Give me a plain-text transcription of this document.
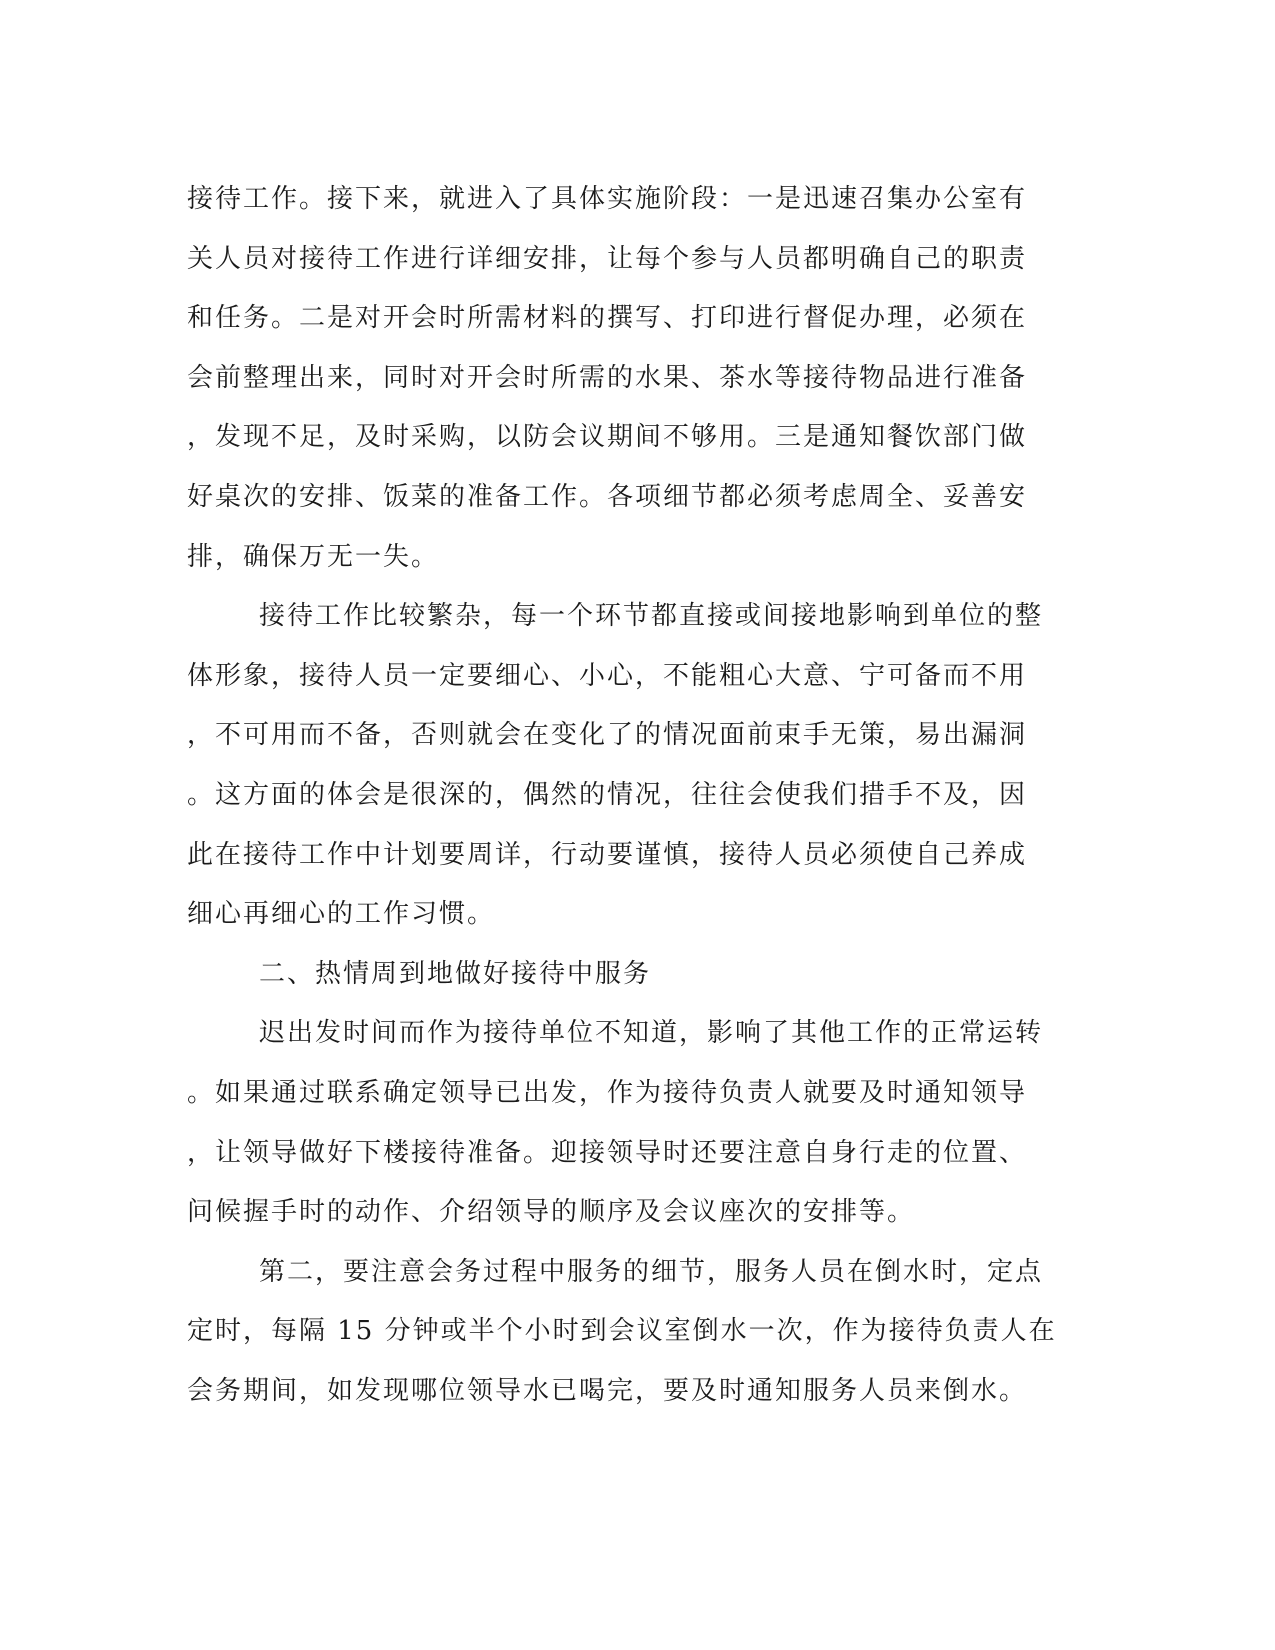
接待工作。接下来，就进入了具体实施阶段：一是迅速召集办公室有
关人员对接待工作进行详细安排，让每个参与人员都明确自己的职责
和任务。二是对开会时所需材料的撰写、打印进行督促办理，必须在
会前整理出来，同时对开会时所需的水果、茶水等接待物品进行准备
，发现不足，及时采购，以防会议期间不够用。三是通知餐饮部门做
好桌次的安排、饭菜的准备工作。各项细节都必须考虑周全、妥善安
排，确保万无一失。

接待工作比较繁杂，每一个环节都直接或间接地影响到单位的整
体形象，接待人员一定要细心、小心，不能粗心大意、宁可备而不用
，不可用而不备，否则就会在变化了的情况面前束手无策，易出漏洞
。这方面的体会是很深的，偶然的情况，往往会使我们措手不及，因
此在接待工作中计划要周详，行动要谨慎，接待人员必须使自己养成
细心再细心的工作习惯。

二、热情周到地做好接待中服务

迟出发时间而作为接待单位不知道，影响了其他工作的正常运转
。如果通过联系确定领导已出发，作为接待负责人就要及时通知领导
，让领导做好下楼接待准备。迎接领导时还要注意自身行走的位置、
问候握手时的动作、介绍领导的顺序及会议座次的安排等。

第二，要注意会务过程中服务的细节，服务人员在倒水时，定点
定时，每隔 15 分钟或半个小时到会议室倒水一次，作为接待负责人在
会务期间，如发现哪位领导水已喝完，要及时通知服务人员来倒水。
